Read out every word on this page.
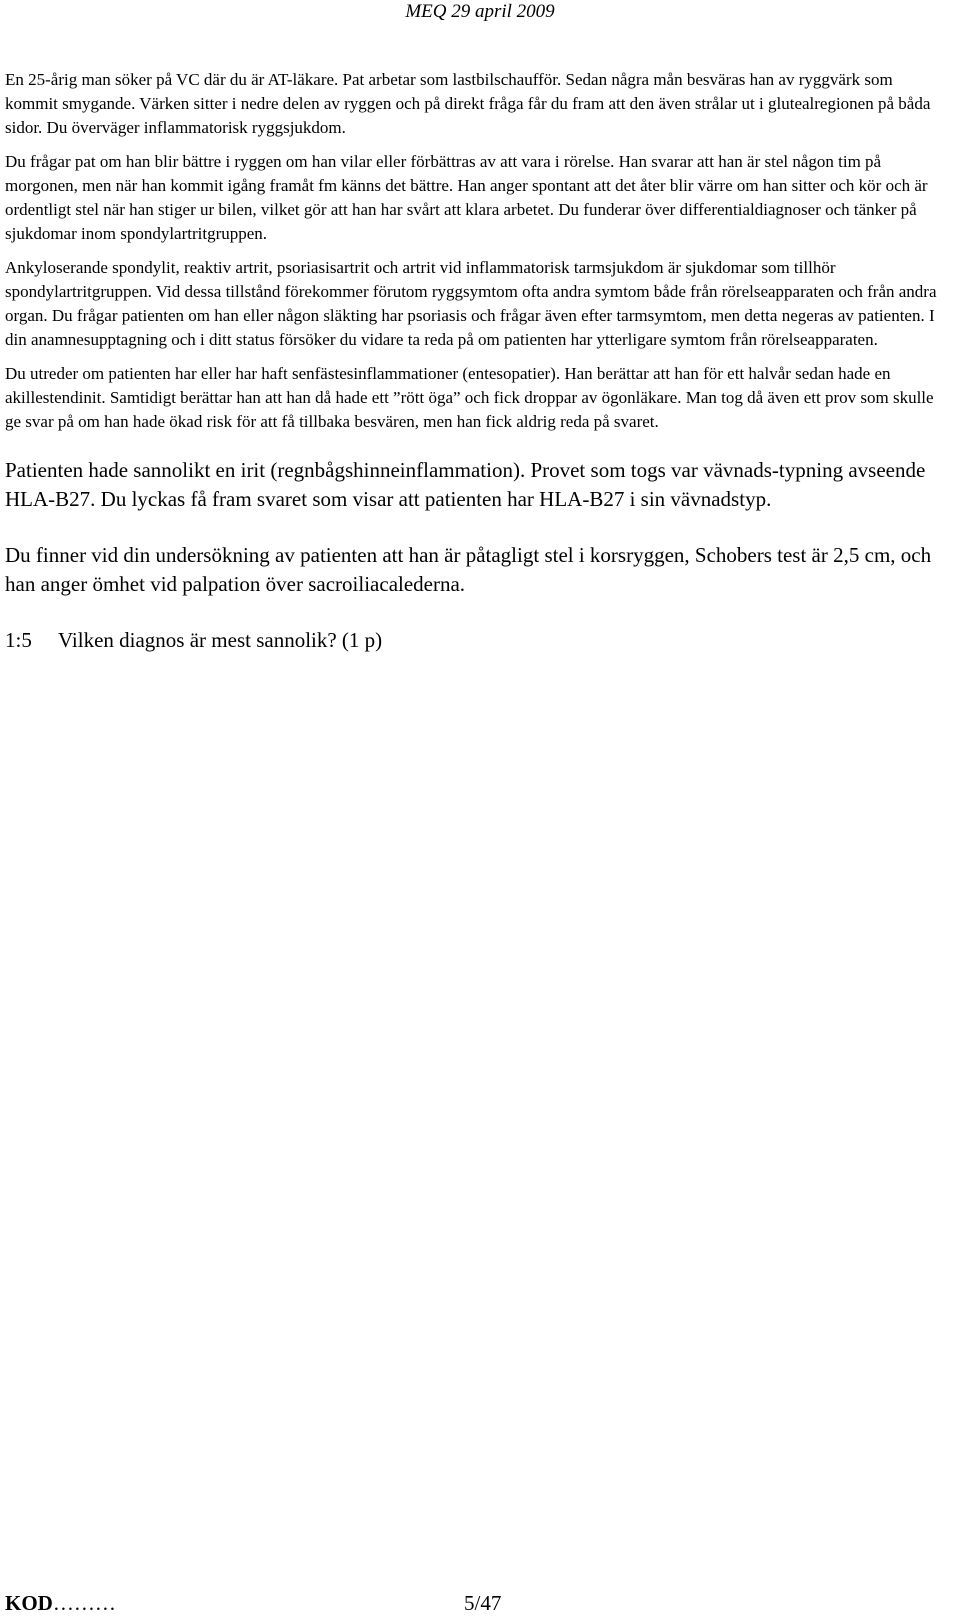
MEQ 29 april 2009

En 25-årig man söker på VC där du är AT-läkare. Pat arbetar som lastbilschaufför. Sedan några mån besväras han av ryggvärk som kommit smygande. Värken sitter i nedre delen av ryggen och på direkt fråga får du fram att den även strålar ut i glutealregionen på båda sidor. Du överväger inflammatorisk ryggsjukdom.

Du frågar pat om han blir bättre i ryggen om han vilar eller förbättras av att vara i rörelse. Han svarar att han är stel någon tim på morgonen, men när han kommit igång framåt fm känns det bättre. Han anger spontant att det åter blir värre om han sitter och kör och är ordentligt stel när han stiger ur bilen, vilket gör att han har svårt att klara arbetet. Du funderar över differentialdiagnoser och tänker på sjukdomar inom spondylartritgruppen.

Ankyloserande spondylit, reaktiv artrit, psoriasisartrit och artrit vid inflammatorisk tarmsjukdom är sjukdomar som tillhör spondylartritgruppen. Vid dessa tillstånd förekommer förutom ryggsymtom ofta andra symtom både från rörelseapparaten och från andra organ. Du frågar patienten om han eller någon släkting har psoriasis och frågar även efter tarmsymtom, men detta negeras av patienten. I din anamnesupptagning och i ditt status försöker du vidare ta reda på om patienten har ytterligare symtom från rörelseapparaten.

Du utreder om patienten har eller har haft senfästesinflammationer (entesopatier). Han berättar att han för ett halvår sedan hade en akillestendinit. Samtidigt berättar han att han då hade ett ”rött öga” och fick droppar av ögonläkare. Man tog då även ett prov som skulle ge svar på om han hade ökad risk för att få tillbaka besvären, men han fick aldrig reda på svaret.

Patienten hade sannolikt en irit (regnbågshinneinflammation). Provet som togs var vävnads-typning avseende HLA-B27. Du lyckas få fram svaret som visar att patienten har HLA-B27 i sin vävnadstyp.

Du finner vid din undersökning av patienten att han är påtagligt stel i korsryggen, Schobers test är 2,5 cm, och han anger ömhet vid palpation över sacroiliacalederna.

1:5 Vilken diagnos är mest sannolik? (1 p)
KOD………	5/47
